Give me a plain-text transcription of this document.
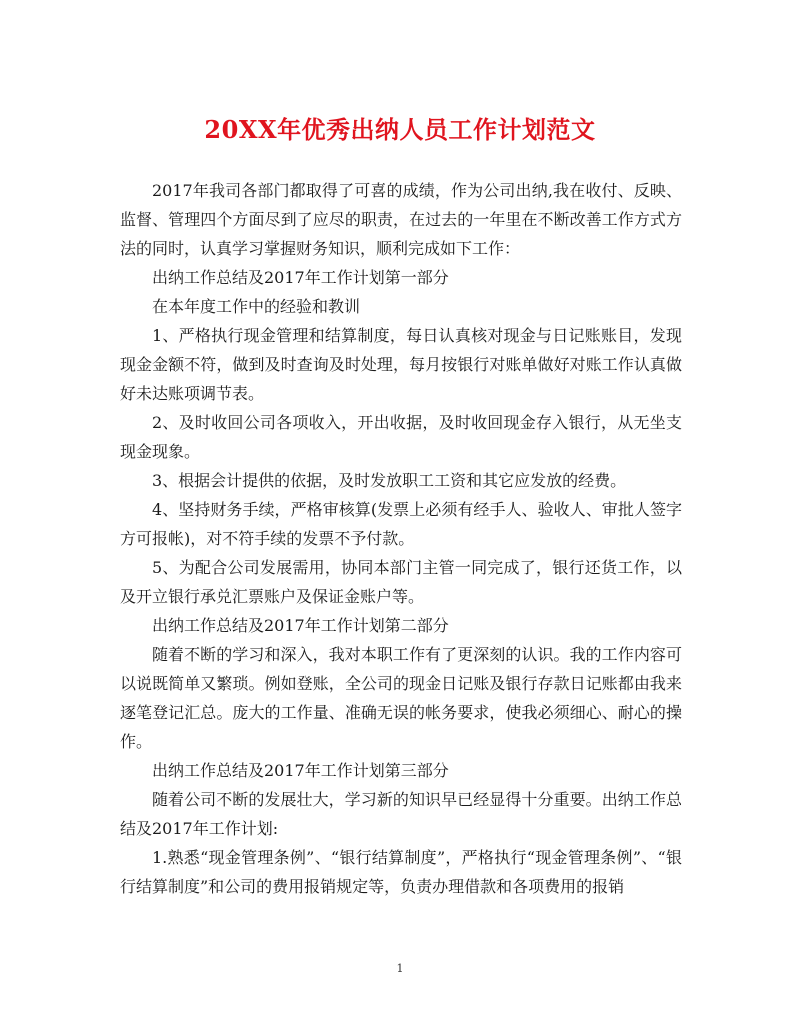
20XX年优秀出纳人员工作计划范文

2017年我司各部门都取得了可喜的成绩，作为公司出纳,我在收付、反映、监督、管理四个方面尽到了应尽的职责，在过去的一年里在不断改善工作方式方法的同时，认真学习掌握财务知识，顺利完成如下工作：

出纳工作总结及2017年工作计划第一部分

在本年度工作中的经验和教训

1、严格执行现金管理和结算制度，每日认真核对现金与日记账账目，发现现金金额不符，做到及时查询及时处理，每月按银行对账单做好对账工作认真做好未达账项调节表。

2、及时收回公司各项收入，开出收据，及时收回现金存入银行，从无坐支现金现象。

3、根据会计提供的依据，及时发放职工工资和其它应发放的经费。

4、坚持财务手续，严格审核算(发票上必须有经手人、验收人、审批人签字方可报帐)，对不符手续的发票不予付款。

5、为配合公司发展需用，协同本部门主管一同完成了，银行还货工作，以及开立银行承兑汇票账户及保证金账户等。

出纳工作总结及2017年工作计划第二部分

随着不断的学习和深入，我对本职工作有了更深刻的认识。我的工作内容可以说既简单又繁琐。例如登账，全公司的现金日记账及银行存款日记账都由我来逐笔登记汇总。庞大的工作量、准确无误的帐务要求，使我必须细心、耐心的操作。

出纳工作总结及2017年工作计划第三部分

随着公司不断的发展壮大，学习新的知识早已经显得十分重要。出纳工作总结及2017年工作计划:

1.熟悉“现金管理条例”、“银行结算制度”，严格执行“现金管理条例”、“银行结算制度”和公司的费用报销规定等，负责办理借款和各项费用的报销

1
